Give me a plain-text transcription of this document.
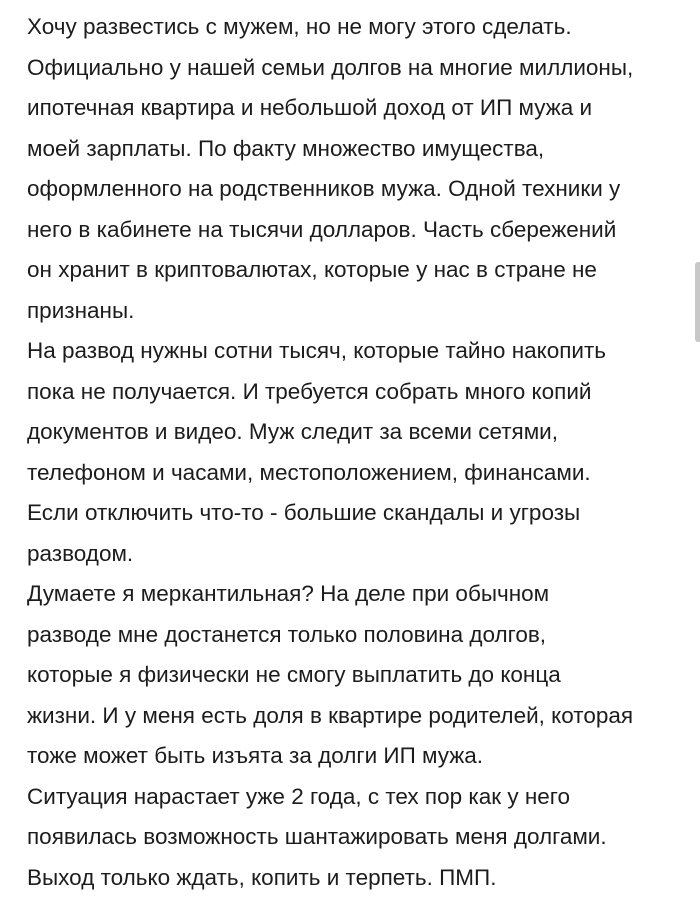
Хочу развестись с мужем, но не могу этого сделать.
Официально у нашей семьи долгов на многие миллионы,
ипотечная квартира и небольшой доход от ИП мужа и
моей зарплаты. По факту множество имущества,
оформленного на родственников мужа. Одной техники у
него в кабинете на тысячи долларов. Часть сбережений
он хранит в криптовалютах, которые у нас в стране не
признаны.
На развод нужны сотни тысяч, которые тайно накопить
пока не получается. И требуется собрать много копий
документов и видео. Муж следит за всеми сетями,
телефоном и часами, местоположением, финансами.
Если отключить что-то - большие скандалы и угрозы
разводом.
Думаете я меркантильная? На деле при обычном
разводе мне достанется только половина долгов,
которые я физически не смогу выплатить до конца
жизни. И у меня есть доля в квартире родителей, которая
тоже может быть изъята за долги ИП мужа.
Ситуация нарастает уже 2 года, с тех пор как у него
появилась возможность шантажировать меня долгами.
Выход только ждать, копить и терпеть. ПМП.
